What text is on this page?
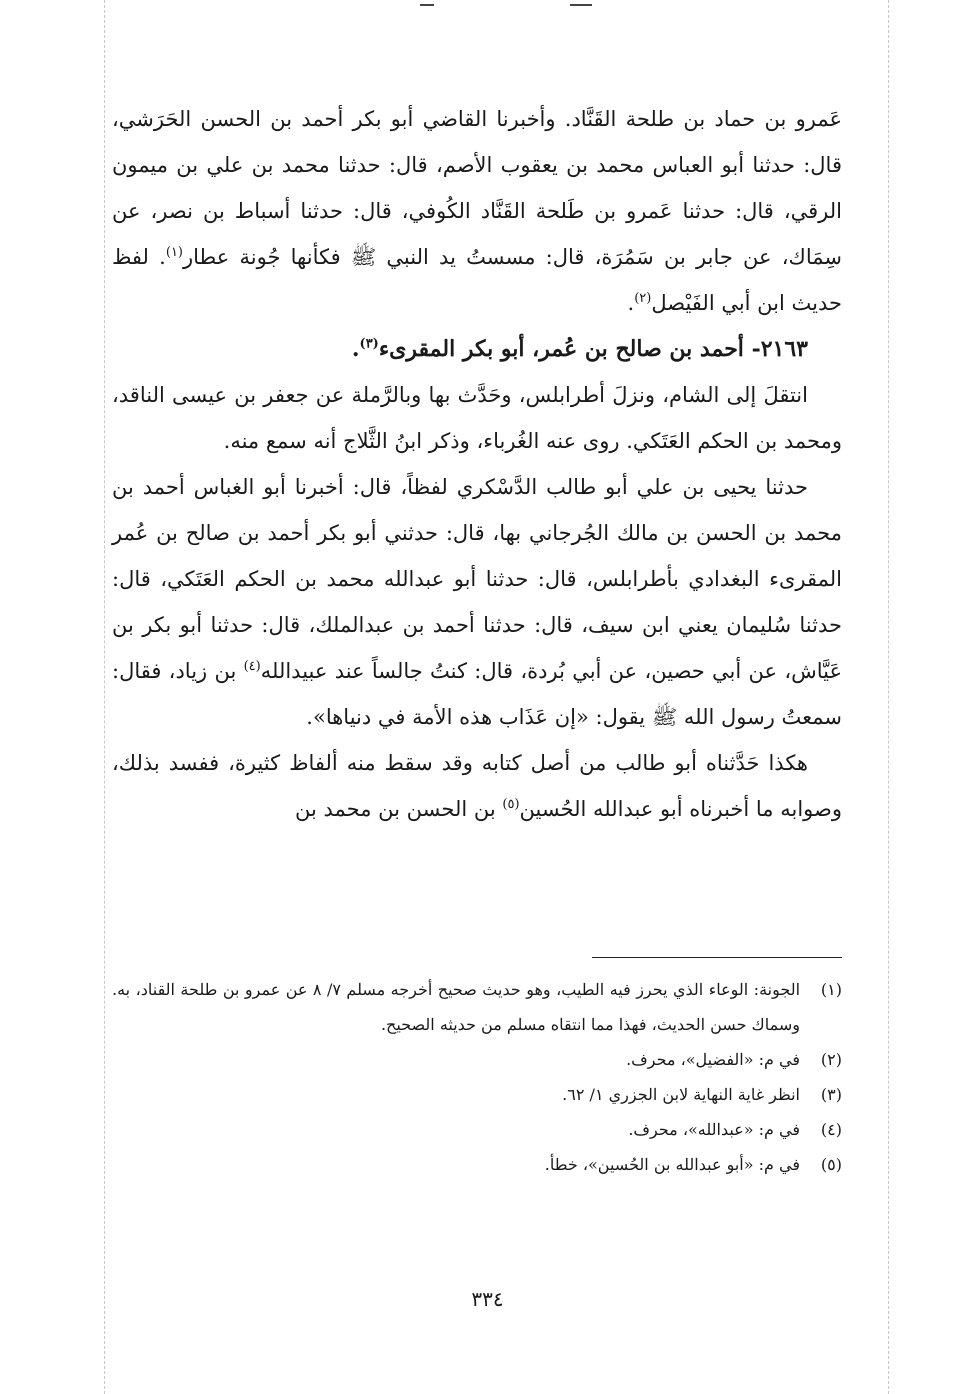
عَمرو بن حماد بن طلحة القَنَّاد. وأخبرنا القاضي أبو بكر أحمد بن الحسن الحَرَشي، قال: حدثنا أبو العباس محمد بن يعقوب الأصم، قال: حدثنا محمد بن علي بن ميمون الرقي، قال: حدثنا عَمرو بن طَلحة القَنَّاد الكُوفي، قال: حدثنا أسباط بن نصر، عن سِمَاك، عن جابر بن سَمُرَة، قال: مسستُ يد النبي ﷺ فكأنها جُونة عطار$^{(١)}$. لفظ حديث ابن أبي الفَيْصل$^{(٢)}$.

٢١٦٣- أحمد بن صالح بن عُمر، أبو بكر المقرىء$^{(٣)}$.

انتقلَ إلى الشام، ونزلَ أطرابلس، وحَدَّث بها وبالرَّملة عن جعفر بن عيسى الناقد، ومحمد بن الحكم العَتَكي. روى عنه الغُرباء، وذكر ابنُ الثَّلاج أنه سمع منه.

حدثنا يحيى بن علي أبو طالب الدَّسْكري لفظاً، قال: أخبرنا أبو الغباس أحمد بن محمد بن الحسن بن مالك الجُرجاني بها، قال: حدثني أبو بكر أحمد بن صالح بن عُمر المقرىء البغدادي بأطرابلس، قال: حدثنا أبو عبدالله محمد بن الحكم العَتَكي، قال: حدثنا سُليمان يعني ابن سيف، قال: حدثنا أحمد بن عبدالملك، قال: حدثنا أبو بكر بن عَيَّاش، عن أبي حصين، عن أبي بُردة، قال: كنتُ جالساً عند عبيدالله$^{(٤)}$ بن زياد، فقال: سمعتُ رسول الله ﷺ يقول: «إن عَذَاب هذه الأمة في دنياها».

هكذا حَدَّثناه أبو طالب من أصل كتابه وقد سقط منه ألفاظ كثيرة، ففسد بذلك، وصوابه ما أخبرناه أبو عبدالله الحُسين$^{(٥)}$ بن الحسن بن محمد بن

(١)
الجونة: الوعاء الذي يحرز فيه الطيب، وهو حديث صحيح أخرجه مسلم ٧/ ٨ عن عمرو بن طلحة القناد، به. وسماك حسن الحديث، فهذا مما انتقاه مسلم من حديثه الصحيح.

(٢)
في م: «الفضيل»، محرف.

(٣)
انظر غاية النهاية لابن الجزري ١/ ٦٢.

(٤)
في م: «عبدالله»، محرف.

(٥)
في م: «أبو عبدالله بن الحُسين»، خطأ.

٣٣٤
